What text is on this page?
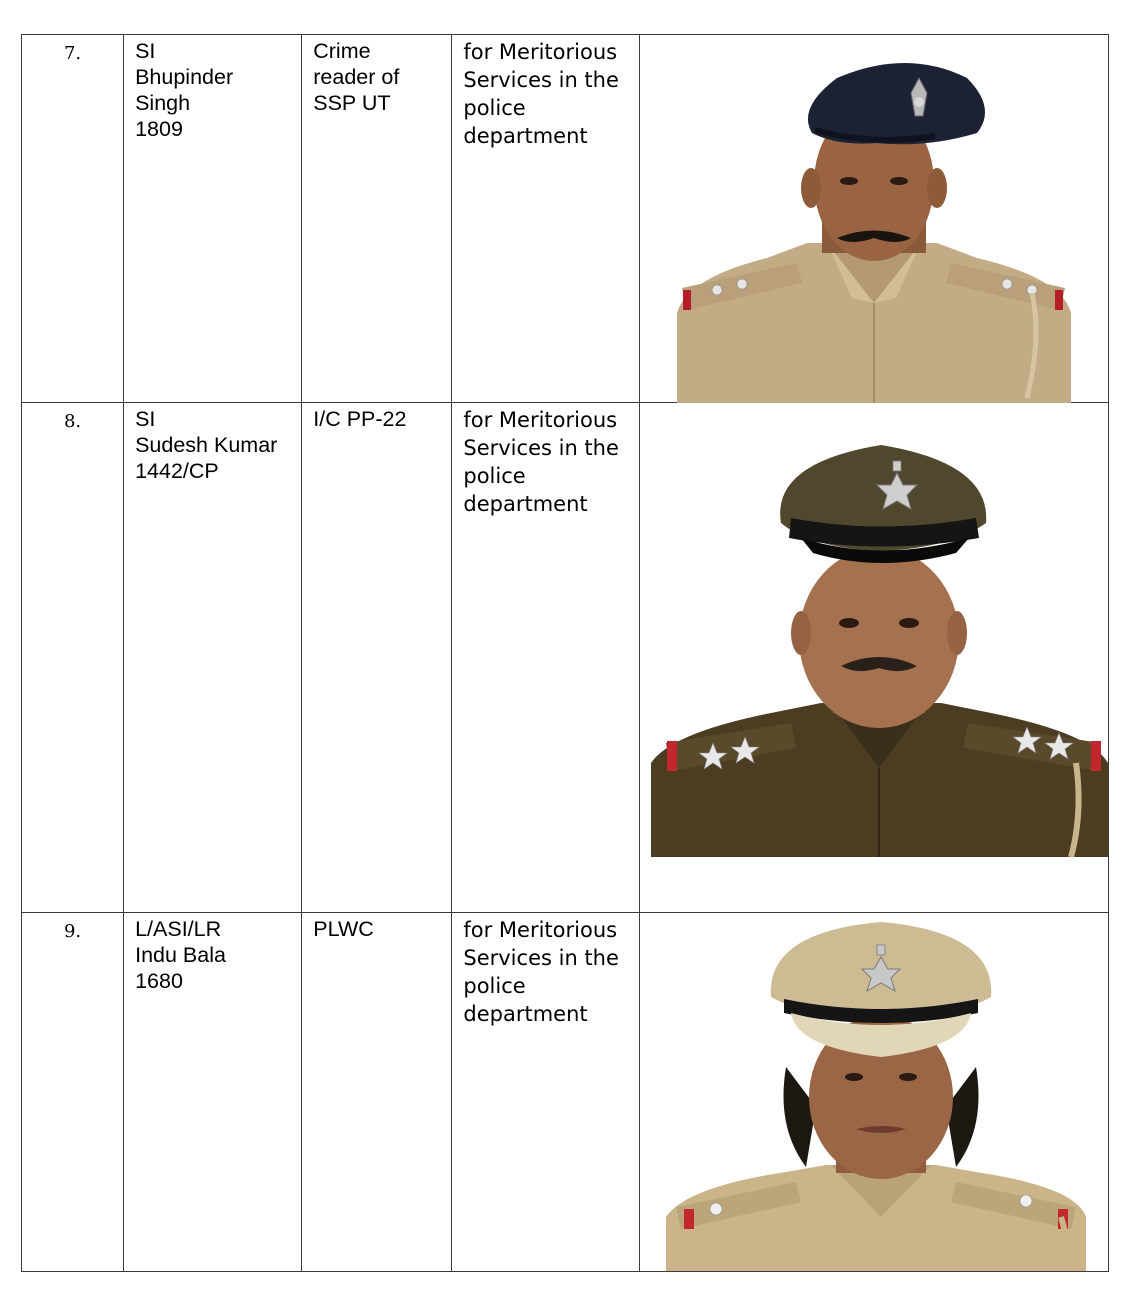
7.	SI
Bhupinder
Singh
1809	Crime
reader of
SSP UT	for Meritorious Services in the police department

8.	SI
Sudesh Kumar
1442/CP	I/C PP-22	for Meritorious Services in the police department

9.	L/ASI/LR
Indu Bala
1680	PLWC	for Meritorious Services in the police department
